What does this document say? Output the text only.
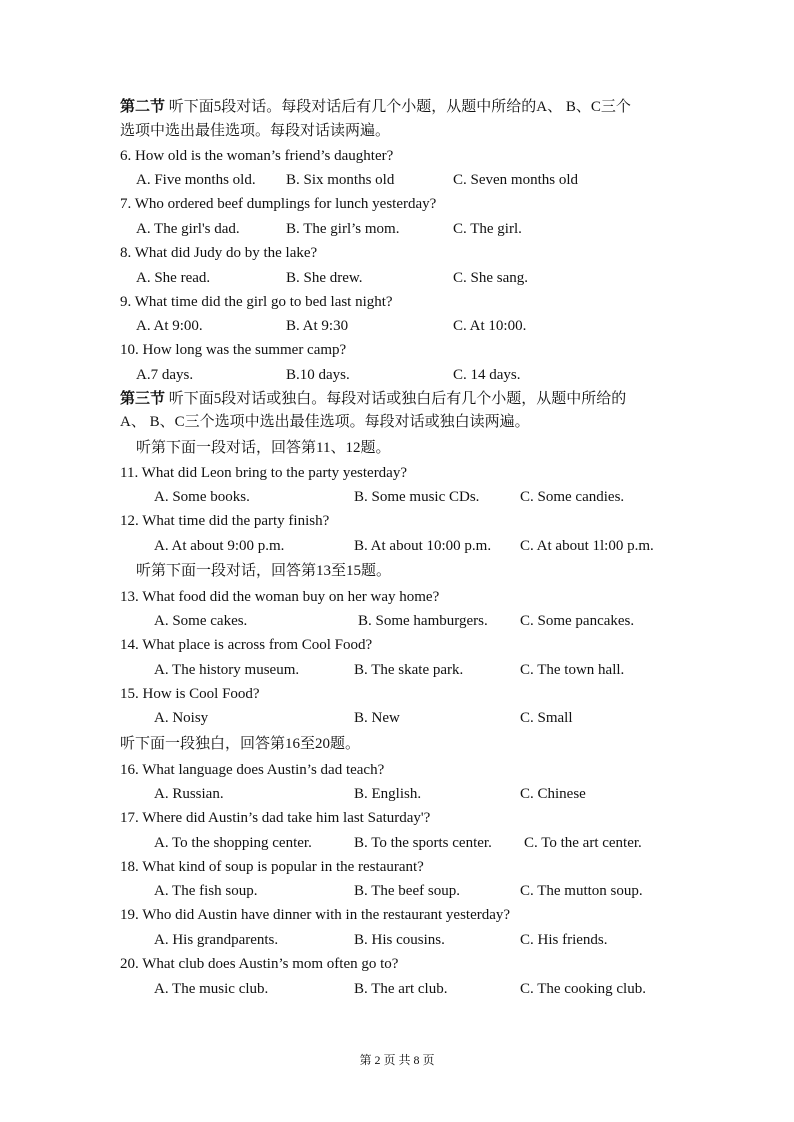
第二节 听下面5段对话。每段对话后有几个小题，从题中所给的A、 B、C三个
选项中选出最佳选项。每段对话读两遍。
6. How old is the woman’s friend’s daughter?
A. Five months old. B. Six months old	C. Seven months old
7. Who ordered beef dumplings for lunch yesterday?
A. The girl's dad.	B. The girl’s mom.	C. The girl.
8. What did Judy do by the lake?
A. She read.	B. She drew.	C. She sang.
9. What time did the girl go to bed last night?
A. At 9:00.	B. At 9:30	C. At 10:00.
10. How long was the summer camp?
A.7 days.	B.10 days.	C. 14 days.
第三节 听下面5段对话或独白。每段对话或独白后有几个小题，从题中所给的
A、 B、C三个选项中选出最佳选项。每段对话或独白读两遍。
听第下面一段对话，回答第11、12题。
11. What did Leon bring to the party yesterday?
A. Some books.	B. Some music CDs.	C. Some candies.
12. What time did the party finish?
A. At about 9:00 p.m.	B. At about 10:00 p.m. C. At about 1l:00 p.m.
听第下面一段对话，回答第13至15题。
13. What food did the woman buy on her way home?
A. Some cakes.	B. Some hamburgers. C. Some pancakes.
14. What place is across from Cool Food?
A. The history museum.	B. The skate park.	C. The town hall.
15. How is Cool Food?
A. Noisy	B. New	C. Small
听下面一段独白，回答第16至20题。
16. What language does Austin’s dad teach?
A. Russian.	B. English.	C. Chinese
17. Where did Austin’s dad take him last Saturday'?
A. To the shopping center.	B. To the sports center. C. To the art center.
18. What kind of soup is popular in the restaurant?
A. The fish soup.	B. The beef soup.	C. The mutton soup.
19. Who did Austin have dinner with in the restaurant yesterday?
A. His grandparents.	B. His cousins.	C. His friends.
20. What club does Austin’s mom often go to?
A. The music club.	B. The art club.	C. The cooking club.
第 2 页 共 8 页
